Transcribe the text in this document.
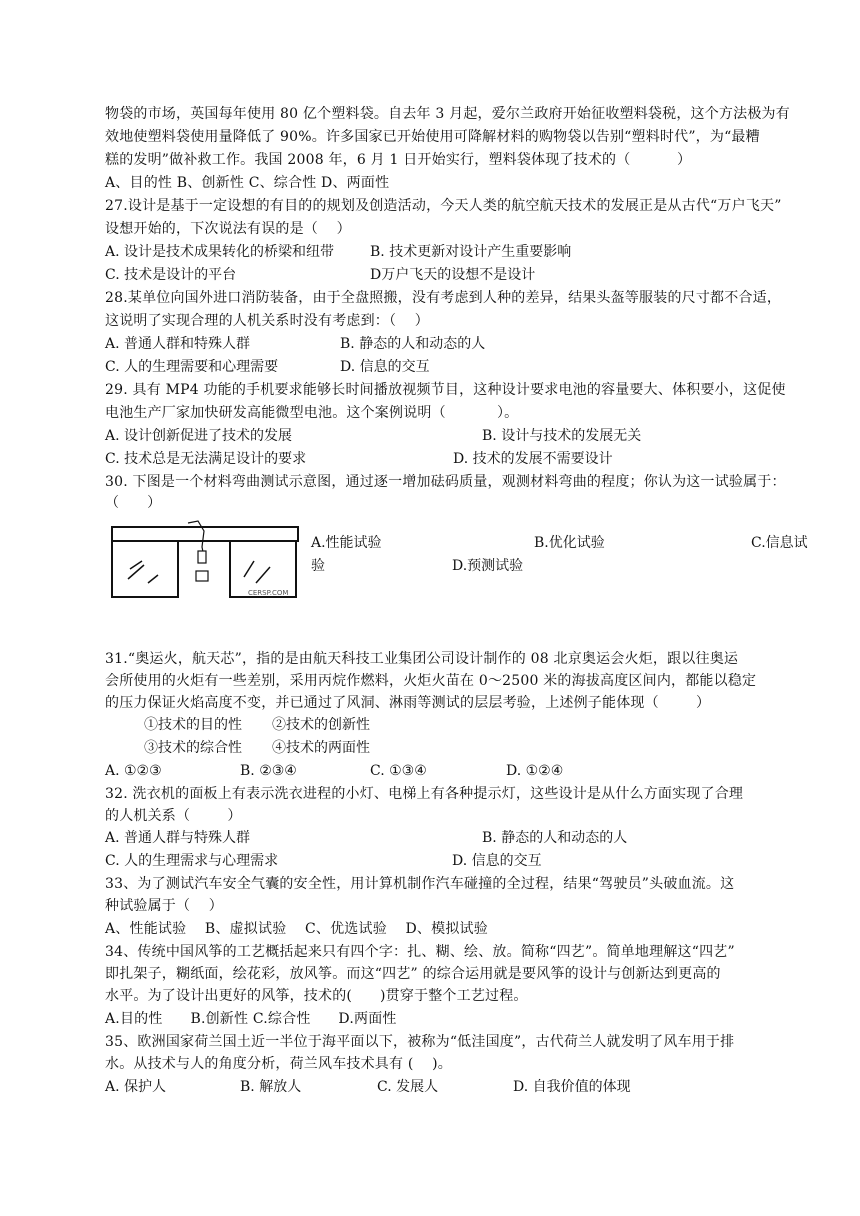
物袋的市场，英国每年使用 80 亿个塑料袋。自去年 3 月起，爱尔兰政府开始征收塑料袋税，这个方法极为有
效地使塑料袋使用量降低了 90%。许多国家已开始使用可降解材料的购物袋以告别“塑料时代”，为“最糟
糕的发明”做补救工作。我国 2008 年，6 月 1 日开始实行，塑料袋体现了技术的（          ）
A、目的性 B、创新性 C、综合性 D、两面性
27.设计是基于一定设想的有目的的规划及创造活动，今天人类的航空航天技术的发展正是从古代“万户飞天”
设想开始的，下次说法有误的是（    ）
A. 设计是技术成果转化的桥梁和纽带	B. 技术更新对设计产生重要影响
C. 技术是设计的平台	D万户飞天的设想不是设计
28.某单位向国外进口消防装备，由于全盘照搬，没有考虑到人种的差异，结果头盔等服装的尺寸都不合适，
这说明了实现合理的人机关系时没有考虑到：（    ）
A. 普通人群和特殊人群	B. 静态的人和动态的人
C. 人的生理需要和心理需要	D. 信息的交互
29. 具有 MP4 功能的手机要求能够长时间播放视频节目，这种设计要求电池的容量要大、体积要小，这促使
电池生产厂家加快研发高能微型电池。这个案例说明（           ）。
A. 设计创新促进了技术的发展	B. 设计与技术的发展无关
C. 技术总是无法满足设计的要求	D. 技术的发展不需要设计
30. 下图是一个材料弯曲测试示意图，通过逐一增加砝码质量，观测材料弯曲的程度；你认为这一试验属于：
（      ）
CERSP.COM
A.性能试验	B.优化试验	C.信息试
验	D.预测试验
31.“奥运火，航天芯”，指的是由航天科技工业集团公司设计制作的 08 北京奥运会火炬，跟以往奥运
会所使用的火炬有一些差别，采用丙烷作燃料，火炬火苗在 0～2500 米的海拔高度区间内，都能以稳定
的压力保证火焰高度不变，并已通过了风洞、淋雨等测试的层层考验，上述例子能体现（        ）
①技术的目的性 ②技术的创新性
③技术的综合性 ④技术的两面性
A. ①②③	B. ②③④	C. ①③④	D. ①②④
32. 洗衣机的面板上有表示洗衣进程的小灯、电梯上有各种提示灯，这些设计是从什么方面实现了合理
的人机关系（        ）
A. 普通人群与特殊人群	B. 静态的人和动态的人
C. 人的生理需求与心理需求	D. 信息的交互
33、为了测试汽车安全气囊的安全性，用计算机制作汽车碰撞的全过程，结果“驾驶员”头破血流。这
种试验属于（    ）
A、性能试验    B、虚拟试验    C、优选试验    D、模拟试验
34、传统中国风筝的工艺概括起来只有四个字：扎、糊、绘、放。简称“四艺”。简单地理解这“四艺”
即扎架子，糊纸面，绘花彩，放风筝。而这“四艺” 的综合运用就是要风筝的设计与创新达到更高的
水平。为了设计出更好的风筝，技术的(      )贯穿于整个工艺过程。
A.目的性      B.创新性 C.综合性      D.两面性
35、欧洲国家荷兰国土近一半位于海平面以下，被称为“低洼国度”，古代荷兰人就发明了风车用于排
水。从技术与人的角度分析，荷兰风车技术具有 (    )。
A. 保护人	B. 解放人	C. 发展人	D. 自我价值的体现
